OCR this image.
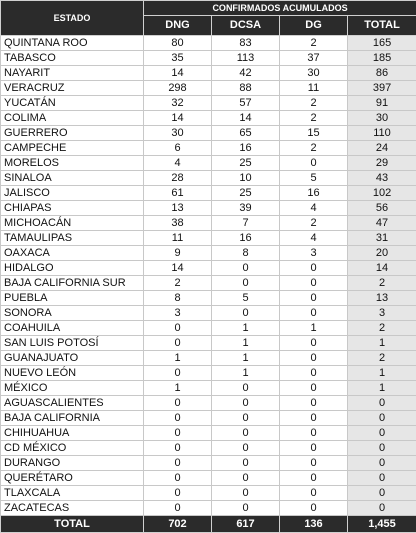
ESTADO	CONFIRMADOS ACUMULADOS			
	DNG	DCSA	DG	TOTAL
QUINTANA ROO	80	83	2	165
TABASCO	35	113	37	185
NAYARIT	14	42	30	86
VERACRUZ	298	88	11	397
YUCATÁN	32	57	2	91
COLIMA	14	14	2	30
GUERRERO	30	65	15	110
CAMPECHE	6	16	2	24
MORELOS	4	25	0	29
SINALOA	28	10	5	43
JALISCO	61	25	16	102
CHIAPAS	13	39	4	56
MICHOACÁN	38	7	2	47
TAMAULIPAS	11	16	4	31
OAXACA	9	8	3	20
HIDALGO	14	0	0	14
BAJA CALIFORNIA SUR	2	0	0	2
PUEBLA	8	5	0	13
SONORA	3	0	0	3
COAHUILA	0	1	1	2
SAN LUIS POTOSÍ	0	1	0	1
GUANAJUATO	1	1	0	2
NUEVO LEÓN	0	1	0	1
MÉXICO	1	0	0	1
AGUASCALIENTES	0	0	0	0
BAJA CALIFORNIA	0	0	0	0
CHIHUAHUA	0	0	0	0
CD MÉXICO	0	0	0	0
DURANGO	0	0	0	0
QUERÉTARO	0	0	0	0
TLAXCALA	0	0	0	0
ZACATECAS	0	0	0	0
TOTAL	702	617	136	1,455
